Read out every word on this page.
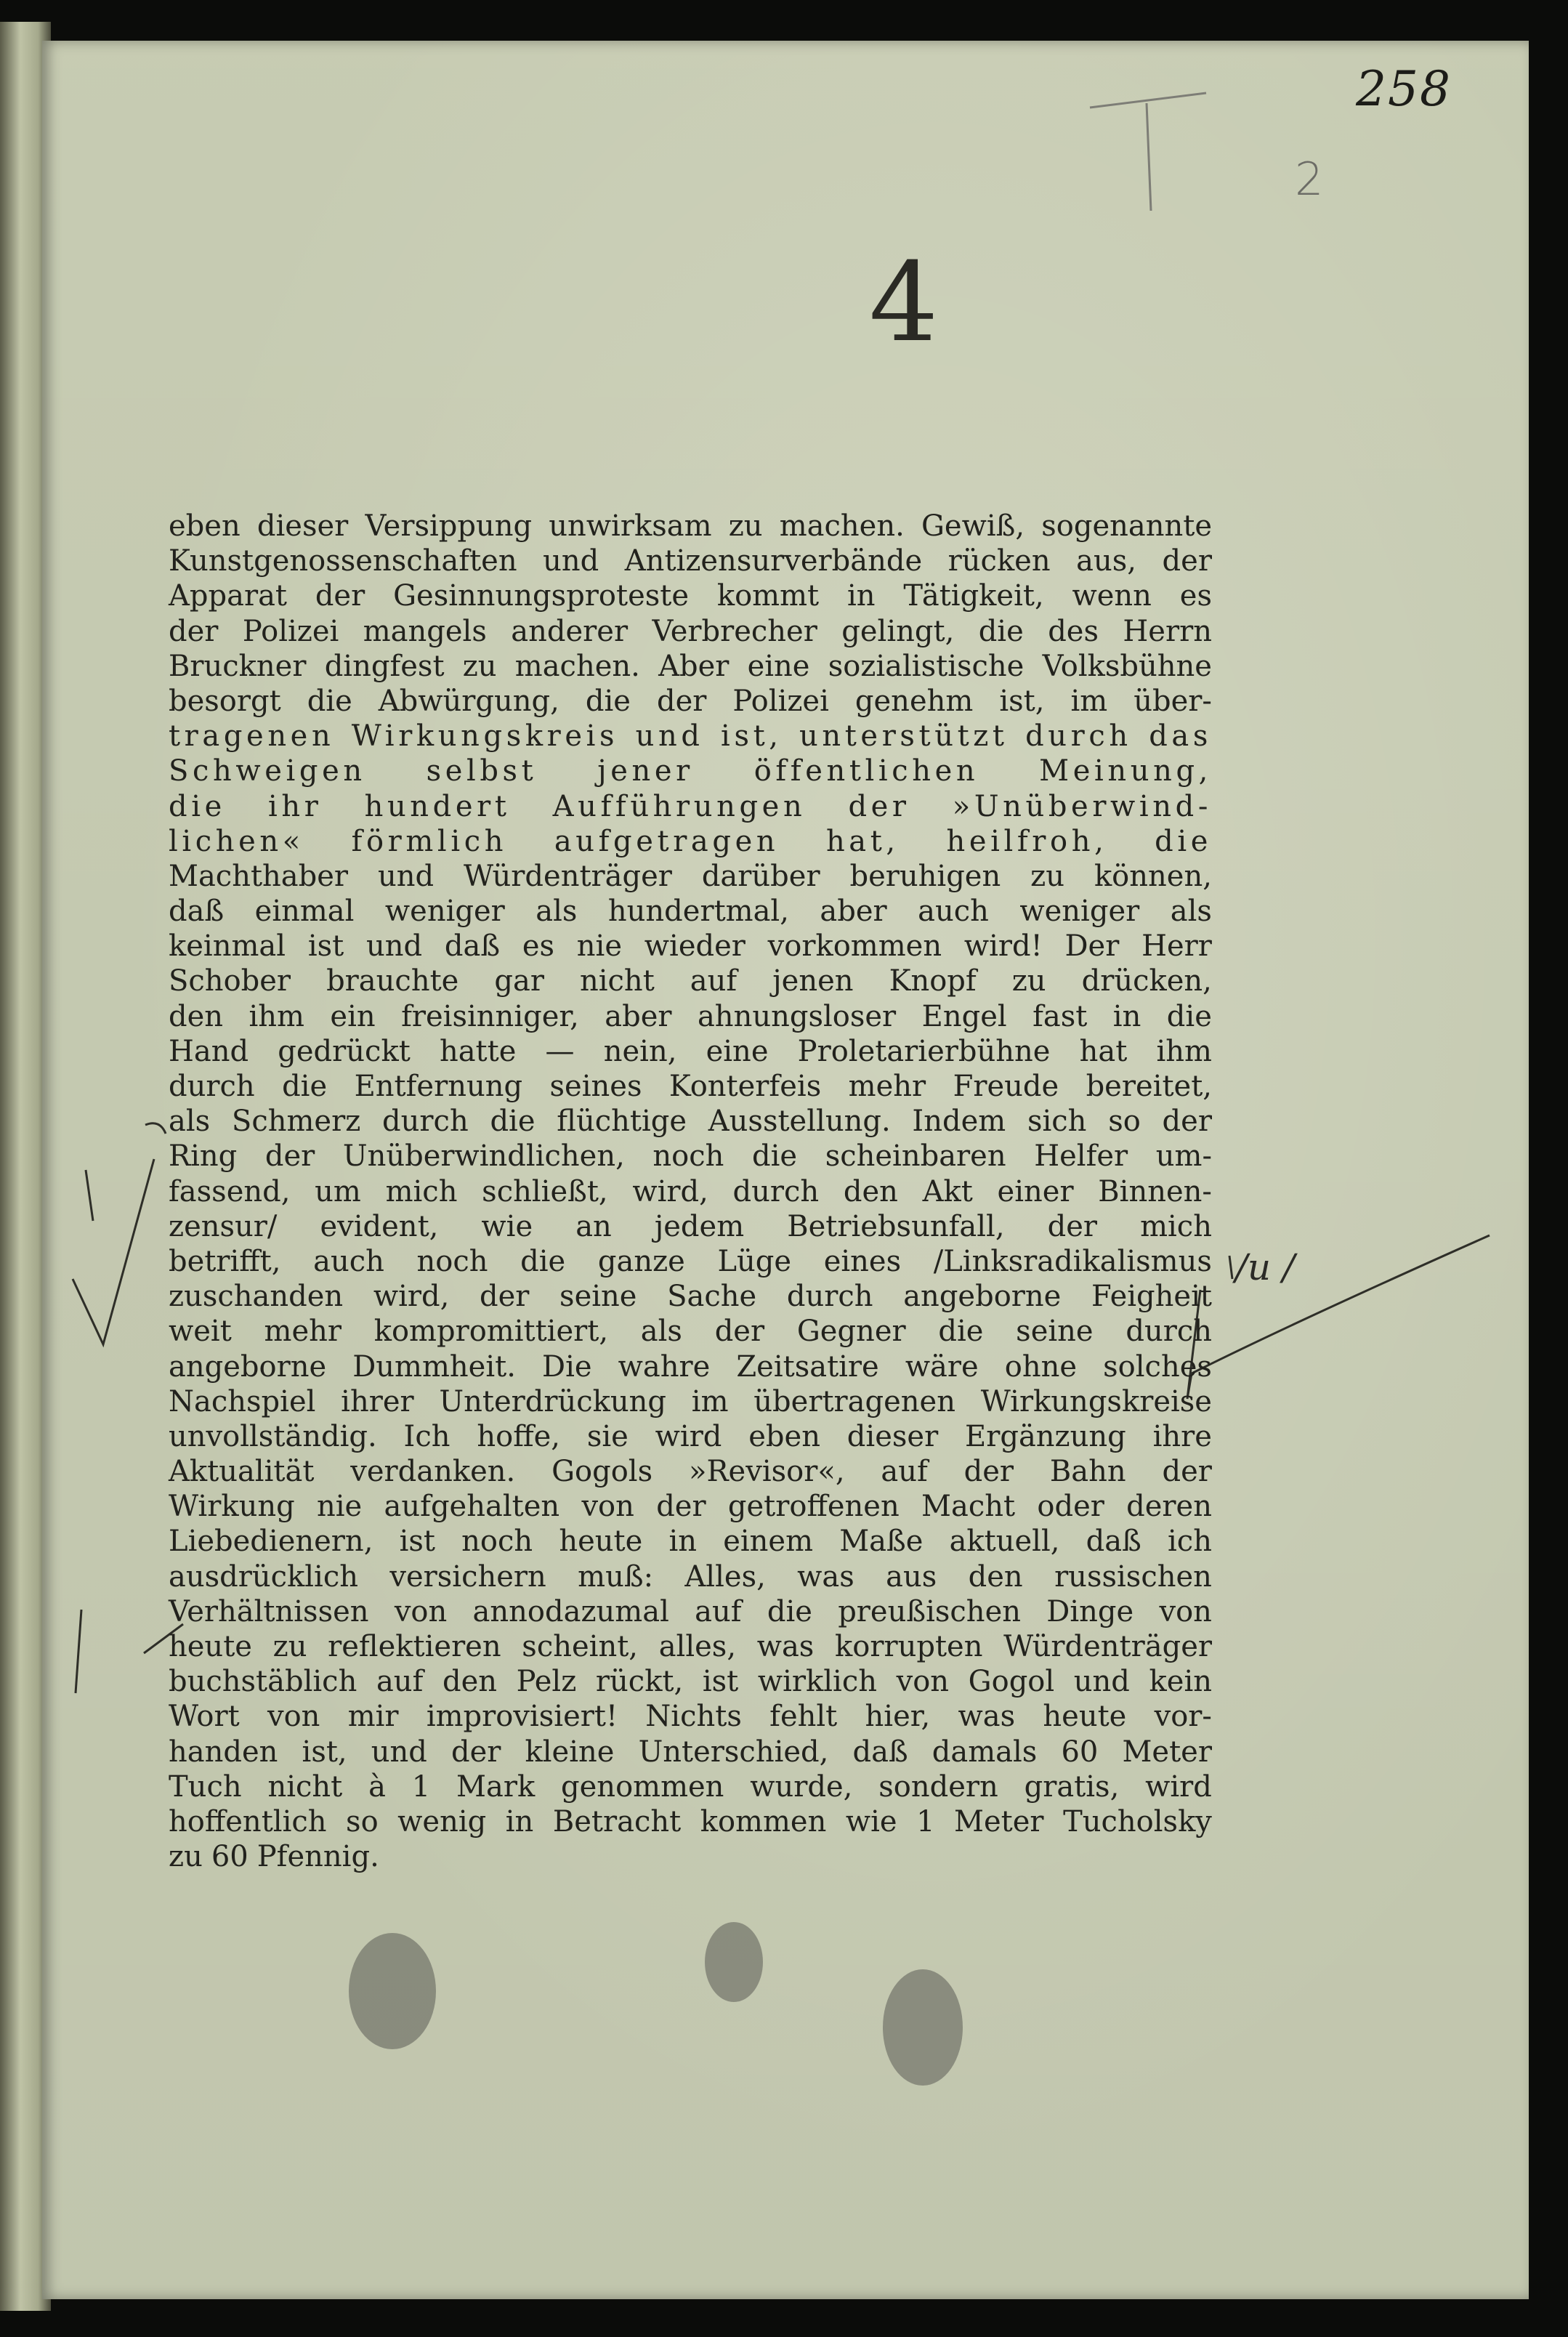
258
2
4
/u /
eben dieser Versippung unwirksam zu machen. Gewiß, sogenannte
Kunstgenossenschaften und Antizensurverbände rücken aus, der
Apparat der Gesinnungsproteste kommt in Tätigkeit, wenn es
der Polizei mangels anderer Verbrecher gelingt, die des Herrn
Bruckner dingfest zu machen. Aber eine sozialistische Volksbühne
besorgt die Abwürgung, die der Polizei genehm ist, im über-
tragenen Wirkungskreis und ist, unterstützt durch das
Schweigen selbst jener öffentlichen Meinung,
die ihr hundert Aufführungen der »Unüberwind-
lichen« förmlich aufgetragen hat, heilfroh, die
Machthaber und Würdenträger darüber beruhigen zu können,
daß einmal weniger als hundertmal, aber auch weniger als
keinmal ist und daß es nie wieder vorkommen wird! Der Herr
Schober brauchte gar nicht auf jenen Knopf zu drücken,
den ihm ein freisinniger, aber ahnungsloser Engel fast in die
Hand gedrückt hatte — nein, eine Proletarierbühne hat ihm
durch die Entfernung seines Konterfeis mehr Freude bereitet,
als Schmerz durch die flüchtige Ausstellung. Indem sich so der
Ring der Unüberwindlichen, noch die scheinbaren Helfer um-
fassend, um mich schließt, wird, durch den Akt einer Binnen-
zensur/ evident, wie an jedem Betriebsunfall, der mich
betrifft, auch noch die ganze Lüge eines /Linksradikalismus
zuschanden wird, der seine Sache durch angeborne Feigheit
weit mehr kompromittiert, als der Gegner die seine durch
angeborne Dummheit. Die wahre Zeitsatire wäre ohne solches
Nachspiel ihrer Unterdrückung im übertragenen Wirkungskreise
unvollständig. Ich hoffe, sie wird eben dieser Ergänzung ihre
Aktualität verdanken. Gogols »Revisor«, auf der Bahn der
Wirkung nie aufgehalten von der getroffenen Macht oder deren
Liebedienern, ist noch heute in einem Maße aktuell, daß ich
ausdrücklich versichern muß: Alles, was aus den russischen
Verhältnissen von annodazumal auf die preußischen Dinge von
heute zu reflektieren scheint, alles, was korrupten Würdenträger
buchstäblich auf den Pelz rückt, ist wirklich von Gogol und kein
Wort von mir improvisiert! Nichts fehlt hier, was heute vor-
handen ist, und der kleine Unterschied, daß damals 60 Meter
Tuch nicht à 1 Mark genommen wurde, sondern gratis, wird
hoffentlich so wenig in Betracht kommen wie 1 Meter Tucholsky
zu 60 Pfennig.
